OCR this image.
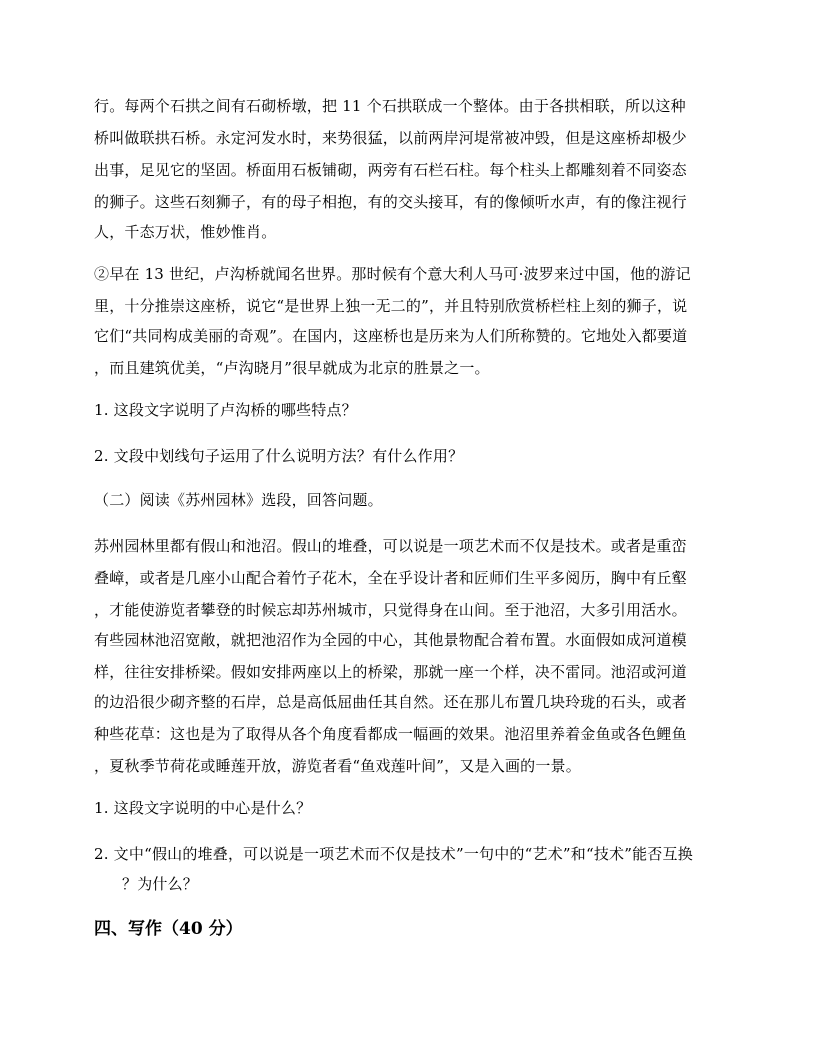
行。每两个石拱之间有石砌桥墩，把 11 个石拱联成一个整体。由于各拱相联，所以这种
桥叫做联拱石桥。永定河发水时，来势很猛，以前两岸河堤常被冲毁，但是这座桥却极少
出事，足见它的坚固。桥面用石板铺砌，两旁有石栏石柱。每个柱头上都雕刻着不同姿态
的狮子。这些石刻狮子，有的母子相抱，有的交头接耳，有的像倾听水声，有的像注视行
人，千态万状，惟妙惟肖。
②早在 13 世纪，卢沟桥就闻名世界。那时候有个意大利人马可·波罗来过中国，他的游记
里，十分推崇这座桥，说它“是世界上独一无二的”，并且特别欣赏桥栏柱上刻的狮子，说
它们“共同构成美丽的奇观”。在国内，这座桥也是历来为人们所称赞的。它地处入都要道
，而且建筑优美，“卢沟晓月”很早就成为北京的胜景之一。
1. 这段文字说明了卢沟桥的哪些特点？
2. 文段中划线句子运用了什么说明方法？有什么作用？
（二）阅读《苏州园林》选段，回答问题。
苏州园林里都有假山和池沼。假山的堆叠，可以说是一项艺术而不仅是技术。或者是重峦
叠嶂，或者是几座小山配合着竹子花木，全在乎设计者和匠师们生平多阅历，胸中有丘壑
，才能使游览者攀登的时候忘却苏州城市，只觉得身在山间。至于池沼，大多引用活水。
有些园林池沼宽敞，就把池沼作为全园的中心，其他景物配合着布置。水面假如成河道模
样，往往安排桥梁。假如安排两座以上的桥梁，那就一座一个样，决不雷同。池沼或河道
的边沿很少砌齐整的石岸，总是高低屈曲任其自然。还在那儿布置几块玲珑的石头，或者
种些花草：这也是为了取得从各个角度看都成一幅画的效果。池沼里养着金鱼或各色鲤鱼
，夏秋季节荷花或睡莲开放，游览者看“鱼戏莲叶间”，又是入画的一景。
1. 这段文字说明的中心是什么？
2. 文中“假山的堆叠，可以说是一项艺术而不仅是技术”一句中的“艺术”和“技术”能否互换
？为什么？
四、写作（40 分）
